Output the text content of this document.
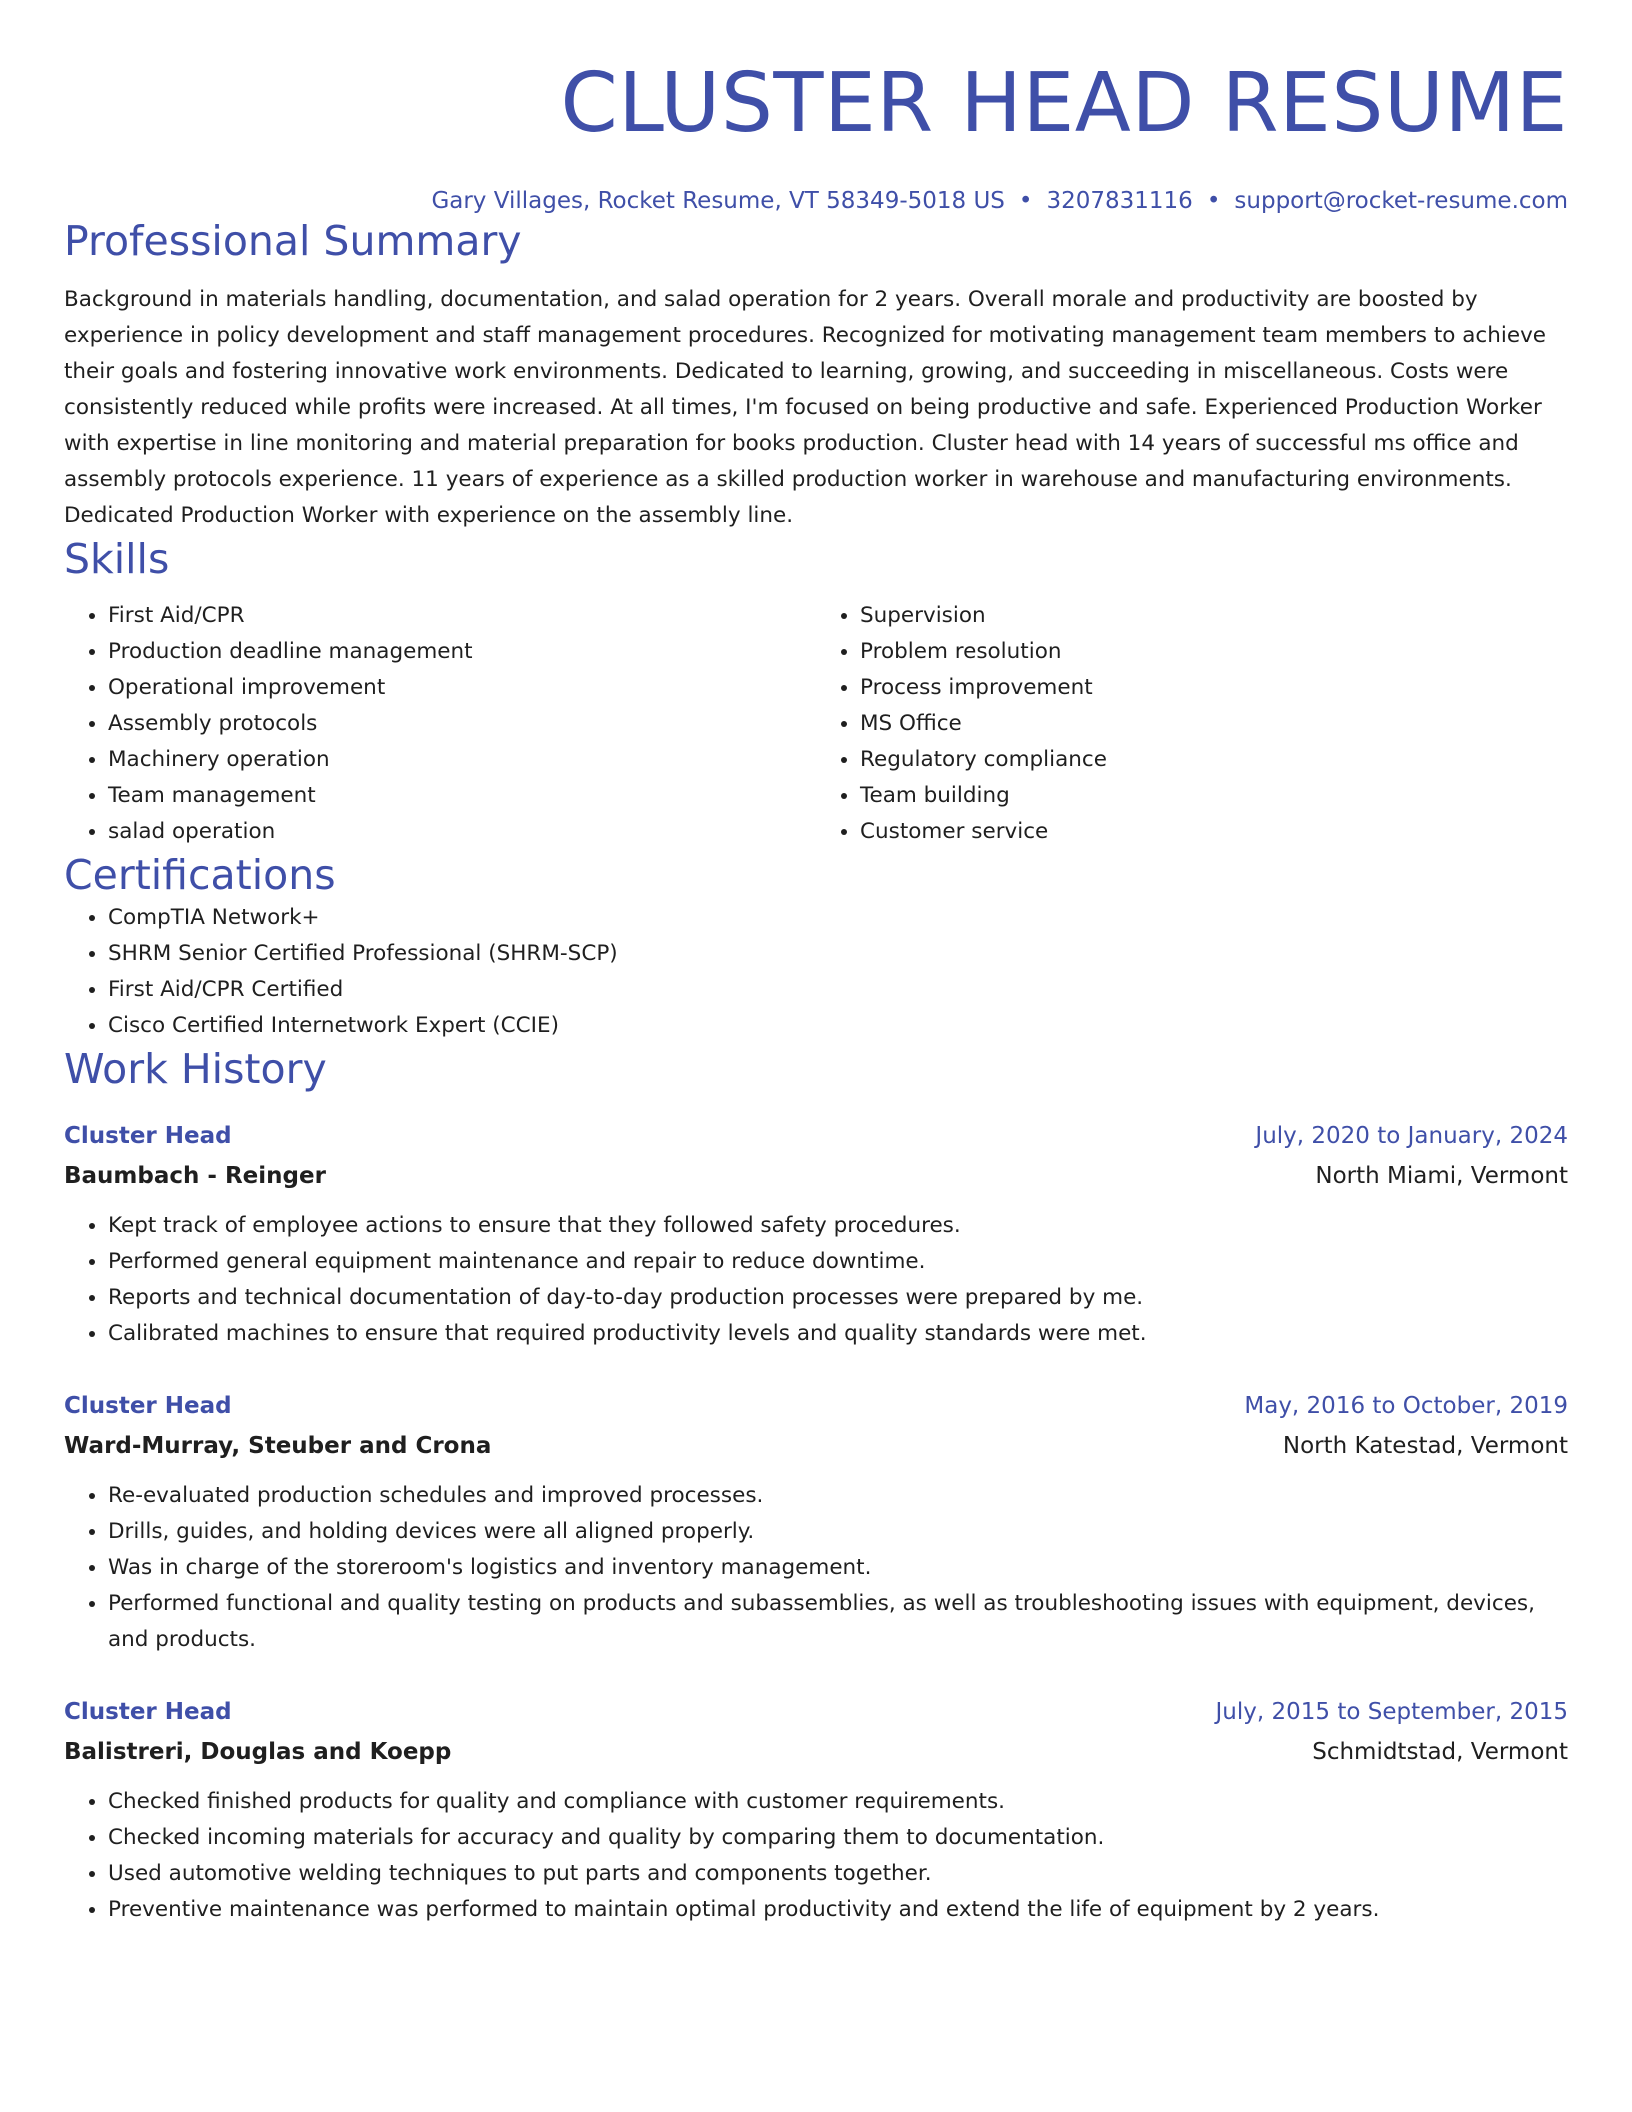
CLUSTER HEAD RESUME
Gary Villages, Rocket Resume, VT 58349-5018 US • 3207831116 • support@rocket-resume.com
Professional Summary
Background in materials handling, documentation, and salad operation for 2 years. Overall morale and productivity are boosted by experience in policy development and staff management procedures. Recognized for motivating management team members to achieve their goals and fostering innovative work environments. Dedicated to learning, growing, and succeeding in miscellaneous. Costs were consistently reduced while profits were increased. At all times, I'm focused on being productive and safe. Experienced Production Worker with expertise in line monitoring and material preparation for books production. Cluster head with 14 years of successful ms office and assembly protocols experience. 11 years of experience as a skilled production worker in warehouse and manufacturing environments. Dedicated Production Worker with experience on the assembly line.
Skills
• First Aid/CPR
• Production deadline management
• Operational improvement
• Assembly protocols
• Machinery operation
• Team management
• salad operation
• Supervision
• Problem resolution
• Process improvement
• MS Office
• Regulatory compliance
• Team building
• Customer service
Certifications
• CompTIA Network+
• SHRM Senior Certified Professional (SHRM-SCP)
• First Aid/CPR Certified
• Cisco Certified Internetwork Expert (CCIE)
Work History
Cluster Head	July, 2020 to January, 2024
Baumbach - Reinger	North Miami, Vermont
• Kept track of employee actions to ensure that they followed safety procedures.
• Performed general equipment maintenance and repair to reduce downtime.
• Reports and technical documentation of day-to-day production processes were prepared by me.
• Calibrated machines to ensure that required productivity levels and quality standards were met.
Cluster Head	May, 2016 to October, 2019
Ward-Murray, Steuber and Crona	North Katestad, Vermont
• Re-evaluated production schedules and improved processes.
• Drills, guides, and holding devices were all aligned properly.
• Was in charge of the storeroom's logistics and inventory management.
• Performed functional and quality testing on products and subassemblies, as well as troubleshooting issues with equipment, devices, and products.
Cluster Head	July, 2015 to September, 2015
Balistreri, Douglas and Koepp	Schmidtstad, Vermont
• Checked finished products for quality and compliance with customer requirements.
• Checked incoming materials for accuracy and quality by comparing them to documentation.
• Used automotive welding techniques to put parts and components together.
• Preventive maintenance was performed to maintain optimal productivity and extend the life of equipment by 2 years.
